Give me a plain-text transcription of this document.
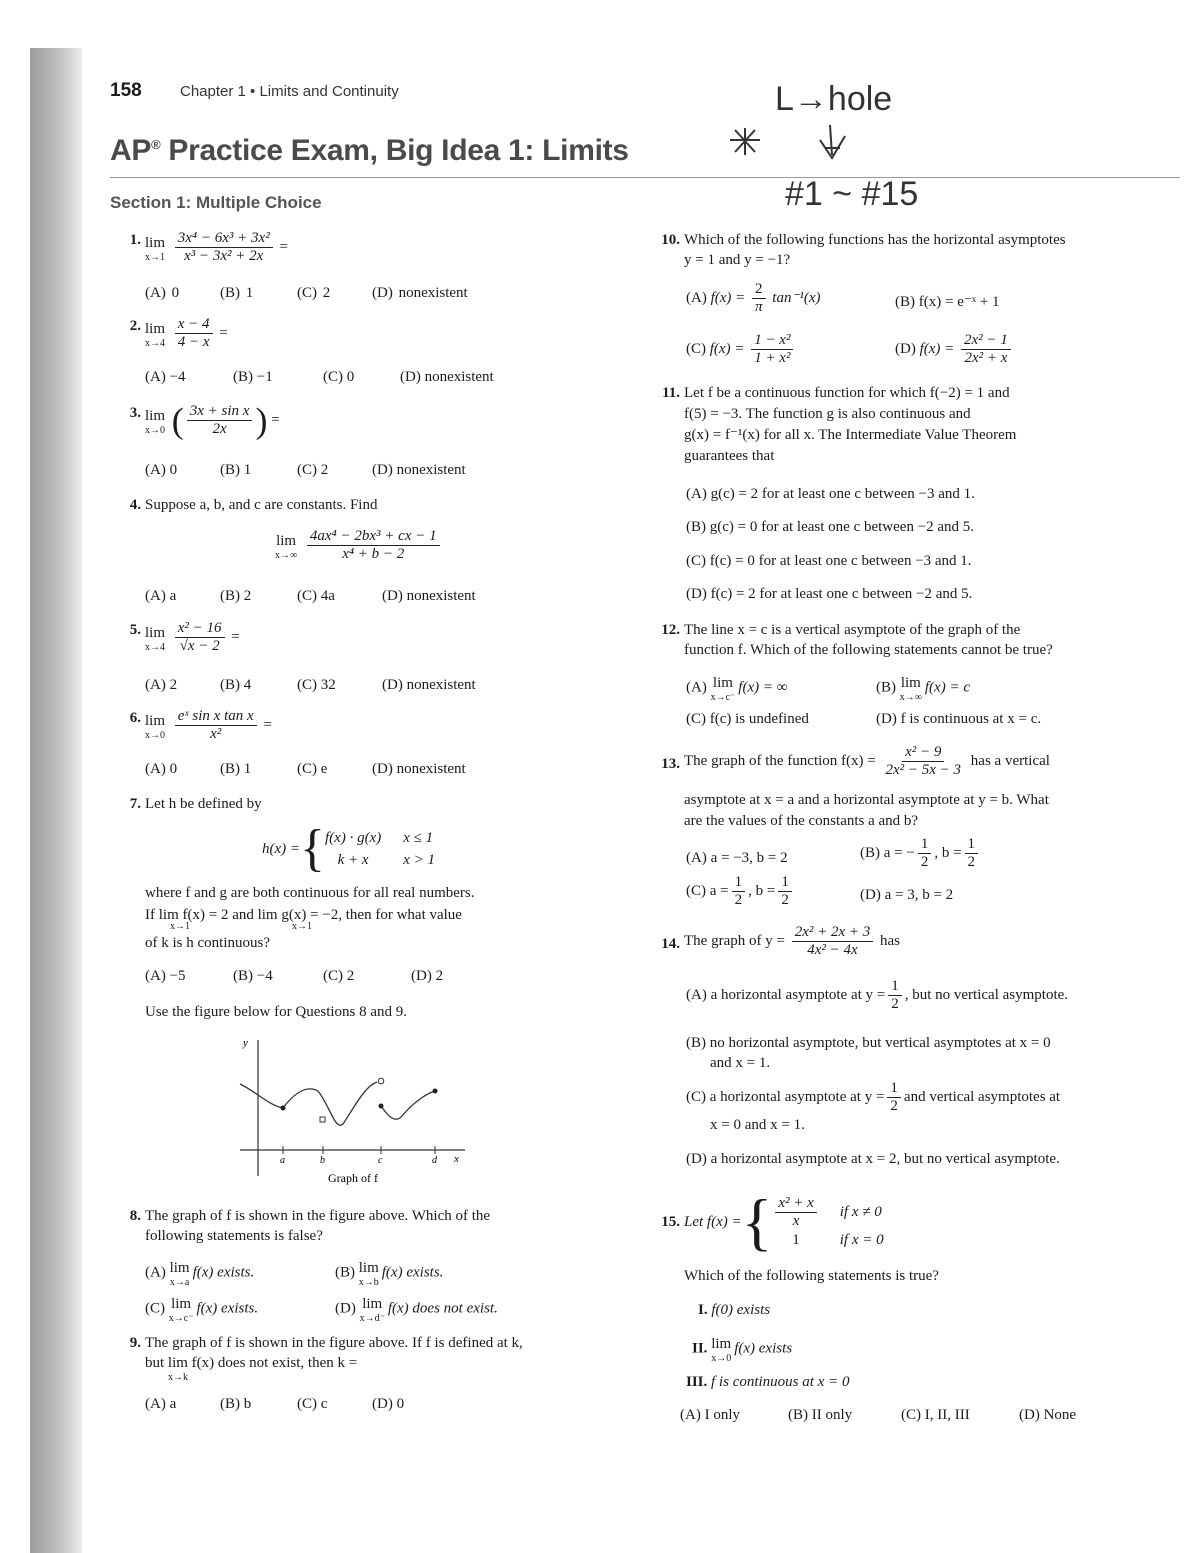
158	Chapter 1 • Limits and Continuity
AP® Practice Exam, Big Idea 1: Limits
Section 1: Multiple Choice
L→hole
#1 ~ #15
1. lim
x→1
$\frac{\text{3x⁴ − 6x³ + 3x²}}{\text{x³ − 3x² + 2x}}$ =
(A) 0	(B) 1	(C) 2	(D) nonexistent
2. lim
x→4
$\frac{x - 4}{4 - x}$ =
(A) −4	(B) −1	(C) 0	(D) nonexistent
3. lim
x→0 ( $\frac{\text{3x + sin x}}{2x}$ ) =
(A) 0	(B) 1	(C) 2	(D) nonexistent
4. Suppose a, b, and c are constants. Find
lim
x→∞
$\frac{\text{4ax⁴ − 2bx³ + cx − 1}}{\text{x⁴ + b − 2}}$
(A) a	(B) 2	(C) 4a	(D) nonexistent
5. lim
x→4
$\frac{\text{x² − 16}}{√x - 2}$ =
(A) 2	(B) 4	(C) 32	(D) nonexistent
6. lim
x→0
$\frac{\text{eˣ sin x tan x}}{\text{x²}}$ =
(A) 0	(B) 1	(C) e	(D) nonexistent
7. Let h be defined by
h(x) = { f(x) · g(x) x ≤ 1
k + x	x > 1
where f and g are both continuous for all real numbers.
If lim f(x) = 2 and lim g(x) = −2, then for what value
x→1	x→1
of k is h continuous?
(A) −5	(B) −4	(C) 2	(D) 2
Use the figure below for Questions 8 and 9.
y
x
a	b	c	d
Graph of f
8. The graph of f is shown in the figure above. Which of the
following statements is false?
(A) lim
x→a
f(x) exists.	(B) lim
x→b
f(x) exists.
(C) lim
x→c⁻
f(x) exists.	(D) lim
x→d⁻
f(x) does not exist.
9. The graph of f is shown in the figure above. If f is defined at k,
but lim f(x) does not exist, then k =
x→k
(A) a	(B) b	(C) c	(D) 0
10. Which of the following functions has the horizontal asymptotes
y = 1 and y = −1?
(A) $f(x) = \frac{2}{\pi} \tan^{-1}(x)$	(B) f(x) = e⁻ˣ + 1
(C) $f(x) = \frac{\text{1 − x²}}{\text{1 + x²}}$	(D) $f(x) = \frac{\text{2x² − 1}}{\text{2x² + x}}$
11. Let f be a continuous function for which f(−2) = 1 and
f(5) = −3. The function g is also continuous and
g(x) = f⁻¹(x) for all x. The Intermediate Value Theorem
guarantees that
(A) g(c) = 2 for at least one c between −3 and 1.
(B) g(c) = 0 for at least one c between −2 and 5.
(C) f(c) = 0 for at least one c between −3 and 1.
(D) f(c) = 2 for at least one c between −2 and 5.
12. The line x = c is a vertical asymptote of the graph of the
function f. Which of the following statements cannot be true?
(A) lim
x→c⁻
f(x) = ∞	(B) lim
x→∞
f(x) = c
(C) f(c) is undefined	(D) f is continuous at x = c.
13. The graph of the function $f(x) = \frac{\text{x² − 9}}{\text{2x² − 5x − 3}}$ has a vertical
asymptote at x = a and a horizontal asymptote at y = b. What
are the values of the constants a and b?
(A) a = −3, b = 2	(B) a = − $\frac{1}{2}$ , $b = \frac{1}{2}$
(C) $a = \frac{1}{2}$ , $b = \frac{1}{2}$	(D) a = 3, b = 2
14. The graph of $y = \frac{\text{2x² + 2x + 3}}{\text{4x² − 4x}}$ has
(A) a horizontal asymptote at $y = \frac{1}{2}$ , but no vertical asymptote.
(B) no horizontal asymptote, but vertical asymptotes at x = 0
and x = 1.
(C) a horizontal asymptote at $y = \frac{1}{2}$ and vertical asymptotes at
x = 0 and x = 1.
(D) a horizontal asymptote at x = 2, but no vertical asymptote.
15. Let f(x) = { $\frac{\text{x² + x}}{x}$ if x ≠ 0
1	if x = 0
Which of the following statements is true?
I. f(0) exists
II. lim
x→0
f(x) exists
III. f is continuous at x = 0
(A) I only	(B) II only	(C) I, II, III	(D) None
